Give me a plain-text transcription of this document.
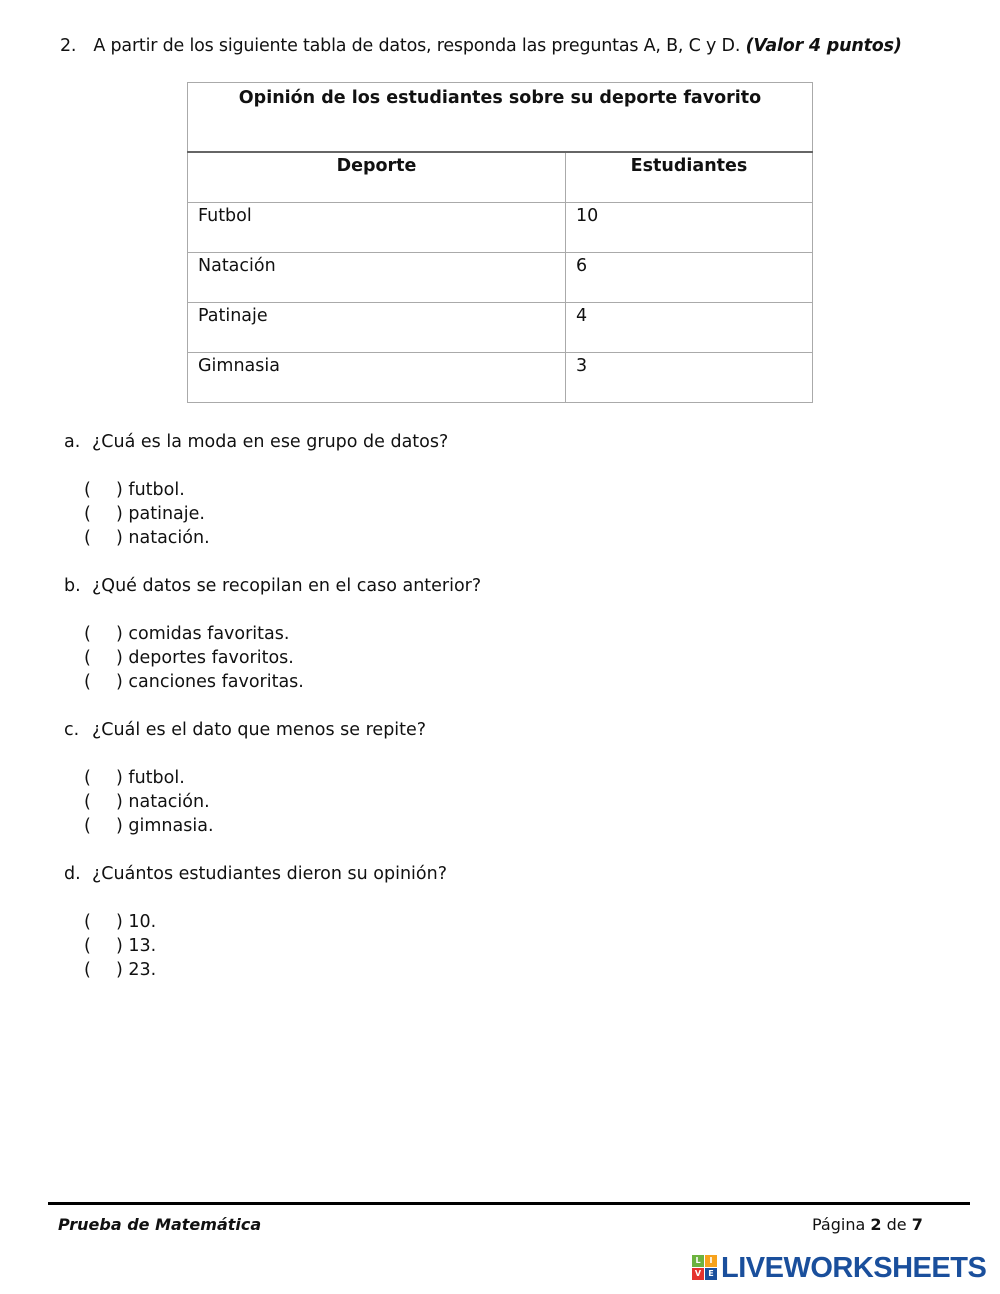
2. A partir de los siguiente tabla de datos, responda las preguntas A, B, C y D. (Valor 4 puntos)
Opinión de los estudiantes sobre su deporte favorito	
Deporte	Estudiantes
Futbol	10
Natación	6
Patinaje	4
Gimnasia	3
a. ¿Cuá es la moda en ese grupo de datos?
( ) futbol.
( ) patinaje.
( ) natación.
b. ¿Qué datos se recopilan en el caso anterior?
( ) comidas favoritas.
( ) deportes favoritos.
( ) canciones favoritas.
c. ¿Cuál es el dato que menos se repite?
( ) futbol.
( ) natación.
( ) gimnasia.
d. ¿Cuántos estudiantes dieron su opinión?
( ) 10.
( ) 13.
( ) 23.
Prueba de Matemática	Página 2 de 7
L	I
V E LIVEWORKSHEETS
